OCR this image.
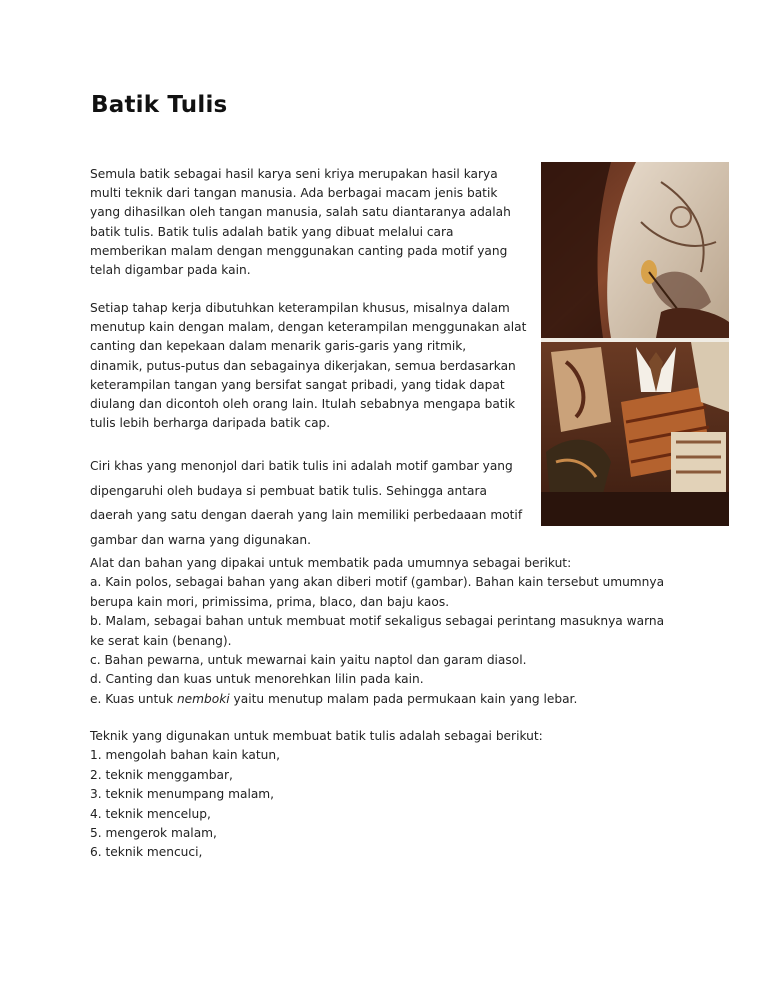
Batik Tulis
Semula batik sebagai hasil karya seni kriya merupakan hasil karya
multi teknik dari tangan manusia. Ada berbagai macam jenis batik
yang dihasilkan oleh tangan manusia, salah satu diantaranya adalah
batik tulis. Batik tulis adalah batik yang dibuat melalui cara
memberikan malam dengan menggunakan canting pada motif yang
telah digambar pada kain.
Setiap tahap kerja dibutuhkan keterampilan khusus, misalnya dalam
menutup kain dengan malam, dengan keterampilan menggunakan alat
canting dan kepekaan dalam menarik garis-garis yang ritmik,
dinamik, putus-putus dan sebagainya dikerjakan, semua berdasarkan
keterampilan tangan yang bersifat sangat pribadi, yang tidak dapat
diulang dan dicontoh oleh orang lain. Itulah sebabnya mengapa batik
tulis lebih berharga daripada batik cap.
Ciri khas yang menonjol dari batik tulis ini adalah motif gambar yang
dipengaruhi oleh budaya si pembuat batik tulis. Sehingga antara
daerah yang satu dengan daerah yang lain memiliki perbedaaan motif
gambar dan warna yang digunakan.
Alat dan bahan yang dipakai untuk membatik pada umumnya sebagai berikut:
a. Kain polos, sebagai bahan yang akan diberi motif (gambar). Bahan kain tersebut umumnya
berupa kain mori, primissima, prima, blaco, dan baju kaos.
b. Malam, sebagai bahan untuk membuat motif sekaligus sebagai perintang masuknya warna
ke serat kain (benang).
c. Bahan pewarna, untuk mewarnai kain yaitu naptol dan garam diasol.
d. Canting dan kuas untuk menorehkan lilin pada kain.
e. Kuas untuk nemboki yaitu menutup malam pada permukaan kain yang lebar.
Teknik yang digunakan untuk membuat batik tulis adalah sebagai berikut:
1. mengolah bahan kain katun,
2. teknik menggambar,
3. teknik menumpang malam,
4. teknik mencelup,
5. mengerok malam,
6. teknik mencuci,
